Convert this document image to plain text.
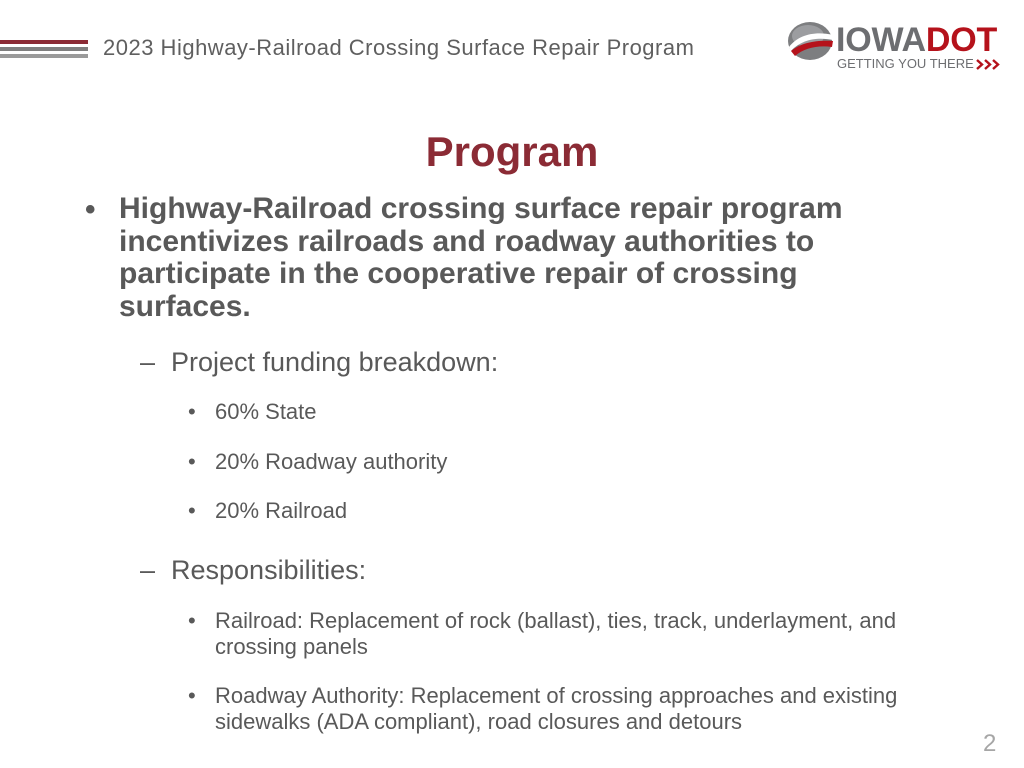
2023 Highway-Railroad Crossing Surface Repair Program	IOWADOT
GETTING YOU THERE
Program
• Highway-Railroad crossing surface repair program incentivizes railroads and roadway authorities to participate in the cooperative repair of crossing surfaces.
– Project funding breakdown:
• 60% State
• 20% Roadway authority
• 20% Railroad
– Responsibilities:
• Railroad: Replacement of rock (ballast), ties, track, underlayment, and crossing panels
• Roadway Authority: Replacement of crossing approaches and existing sidewalks (ADA compliant), road closures and detours
2
